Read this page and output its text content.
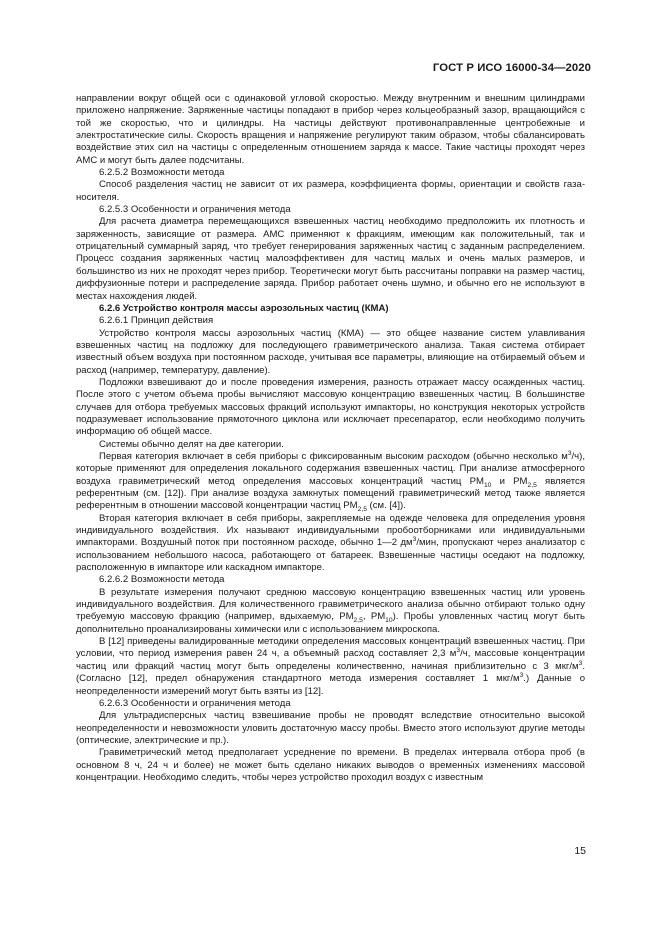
ГОСТ Р ИСО 16000-34—2020

направлении вокруг общей оси с одинаковой угловой скоростью. Между внутренним и внешним цилиндрами приложено напряжение. Заряженные частицы попадают в прибор через кольцеобразный зазор, вращающийся с той же скоростью, что и цилиндры. На частицы действуют противонаправленные центробежные и электростатические силы. Скорость вращения и напряжение регулируют таким образом, чтобы сбалансировать воздействие этих сил на частицы с определенным отношением заряда к массе. Такие частицы проходят через АМС и могут быть далее подсчитаны.

6.2.5.2 Возможности метода

Способ разделения частиц не зависит от их размера, коэффициента формы, ориентации и свойств газа-носителя.

6.2.5.3 Особенности и ограничения метода

Для расчета диаметра перемещающихся взвешенных частиц необходимо предположить их плотность и заряженность, зависящие от размера. АМС применяют к фракциям, имеющим как положительный, так и отрицательный суммарный заряд, что требует генерирования заряженных частиц с заданным распределением. Процесс создания заряженных частиц малоэффективен для частиц малых и очень малых размеров, и большинство из них не проходят через прибор. Теоретически могут быть рассчитаны поправки на размер частиц, диффузионные потери и распределение заряда. Прибор работает очень шумно, и обычно его не используют в местах нахождения людей.

6.2.6 Устройство контроля массы аэрозольных частиц (КМА)

6.2.6.1 Принцип действия

Устройство контроля массы аэрозольных частиц (КМА) — это общее название систем улавливания взвешенных частиц на подложку для последующего гравиметрического анализа. Такая система отбирает известный объем воздуха при постоянном расходе, учитывая все параметры, влияющие на отбираемый объем и расход (например, температуру, давление).

Подложки взвешивают до и после проведения измерения, разность отражает массу осажденных частиц. После этого с учетом объема пробы вычисляют массовую концентрацию взвешенных частиц. В большинстве случаев для отбора требуемых массовых фракций используют импакторы, но конструкция некоторых устройств подразумевает использование прямоточного циклона или исключает пресепаратор, если необходимо получить информацию об общей массе.

Системы обычно делят на две категории.

Первая категория включает в себя приборы с фиксированным высоким расходом (обычно несколько $м^3/ч$), которые применяют для определения локального содержания взвешенных частиц. При анализе атмосферного воздуха гравиметрический метод определения массовых концентраций частиц $PM_{10}$ и $PM_{2,5}$ является референтным (см. [12]). При анализе воздуха замкнутых помещений гравиметрический метод также является референтным в отношении массовой концентрации частиц $PM_{2,5}$ (см. [4]).

Вторая категория включает в себя приборы, закрепляемые на одежде человека для определения уровня индивидуального воздействия. Их называют индивидуальными пробоотборниками или индивидуальными импакторами. Воздушный поток при постоянном расходе, обычно 1—2 $дм^3$/мин, пропускают через анализатор с использованием небольшого насоса, работающего от батареек. Взвешенные частицы оседают на подложку, расположенную в импакторе или каскадном импакторе.

6.2.6.2 Возможности метода

В результате измерения получают среднюю массовую концентрацию взвешенных частиц или уровень индивидуального воздействия. Для количественного гравиметрического анализа обычно отбирают только одну требуемую массовую фракцию (например, вдыхаемую, $PM_{2,5}$, $PM_{10}$). Пробы уловленных частиц могут быть дополнительно проанализированы химически или с использованием микроскопа.

В [12] приведены валидированные методики определения массовых концентраций взвешенных частиц. При условии, что период измерения равен 24 ч, а объемный расход составляет 2,3 $м^3/ч$, массовые концентрации частиц или фракций частиц могут быть определены количественно, начиная приблизительно с 3 мкг/$м^3$. (Согласно [12], предел обнаружения стандартного метода измерения составляет 1 мкг/$м^3$.) Данные о неопределенности измерений могут быть взяты из [12].

6.2.6.3 Особенности и ограничения метода

Для ультрадисперсных частиц взвешивание пробы не проводят вследствие относительно высокой неопределенности и невозможности уловить достаточную массу пробы. Вместо этого используют другие методы (оптические, электрические и пр.).

Гравиметрический метод предполагает усреднение по времени. В пределах интервала отбора проб (в основном 8 ч, 24 ч и более) не может быть сделано никаких выводов о временны́х изменениях массовой концентрации. Необходимо следить, чтобы через устройство проходил воздух с известным

15
